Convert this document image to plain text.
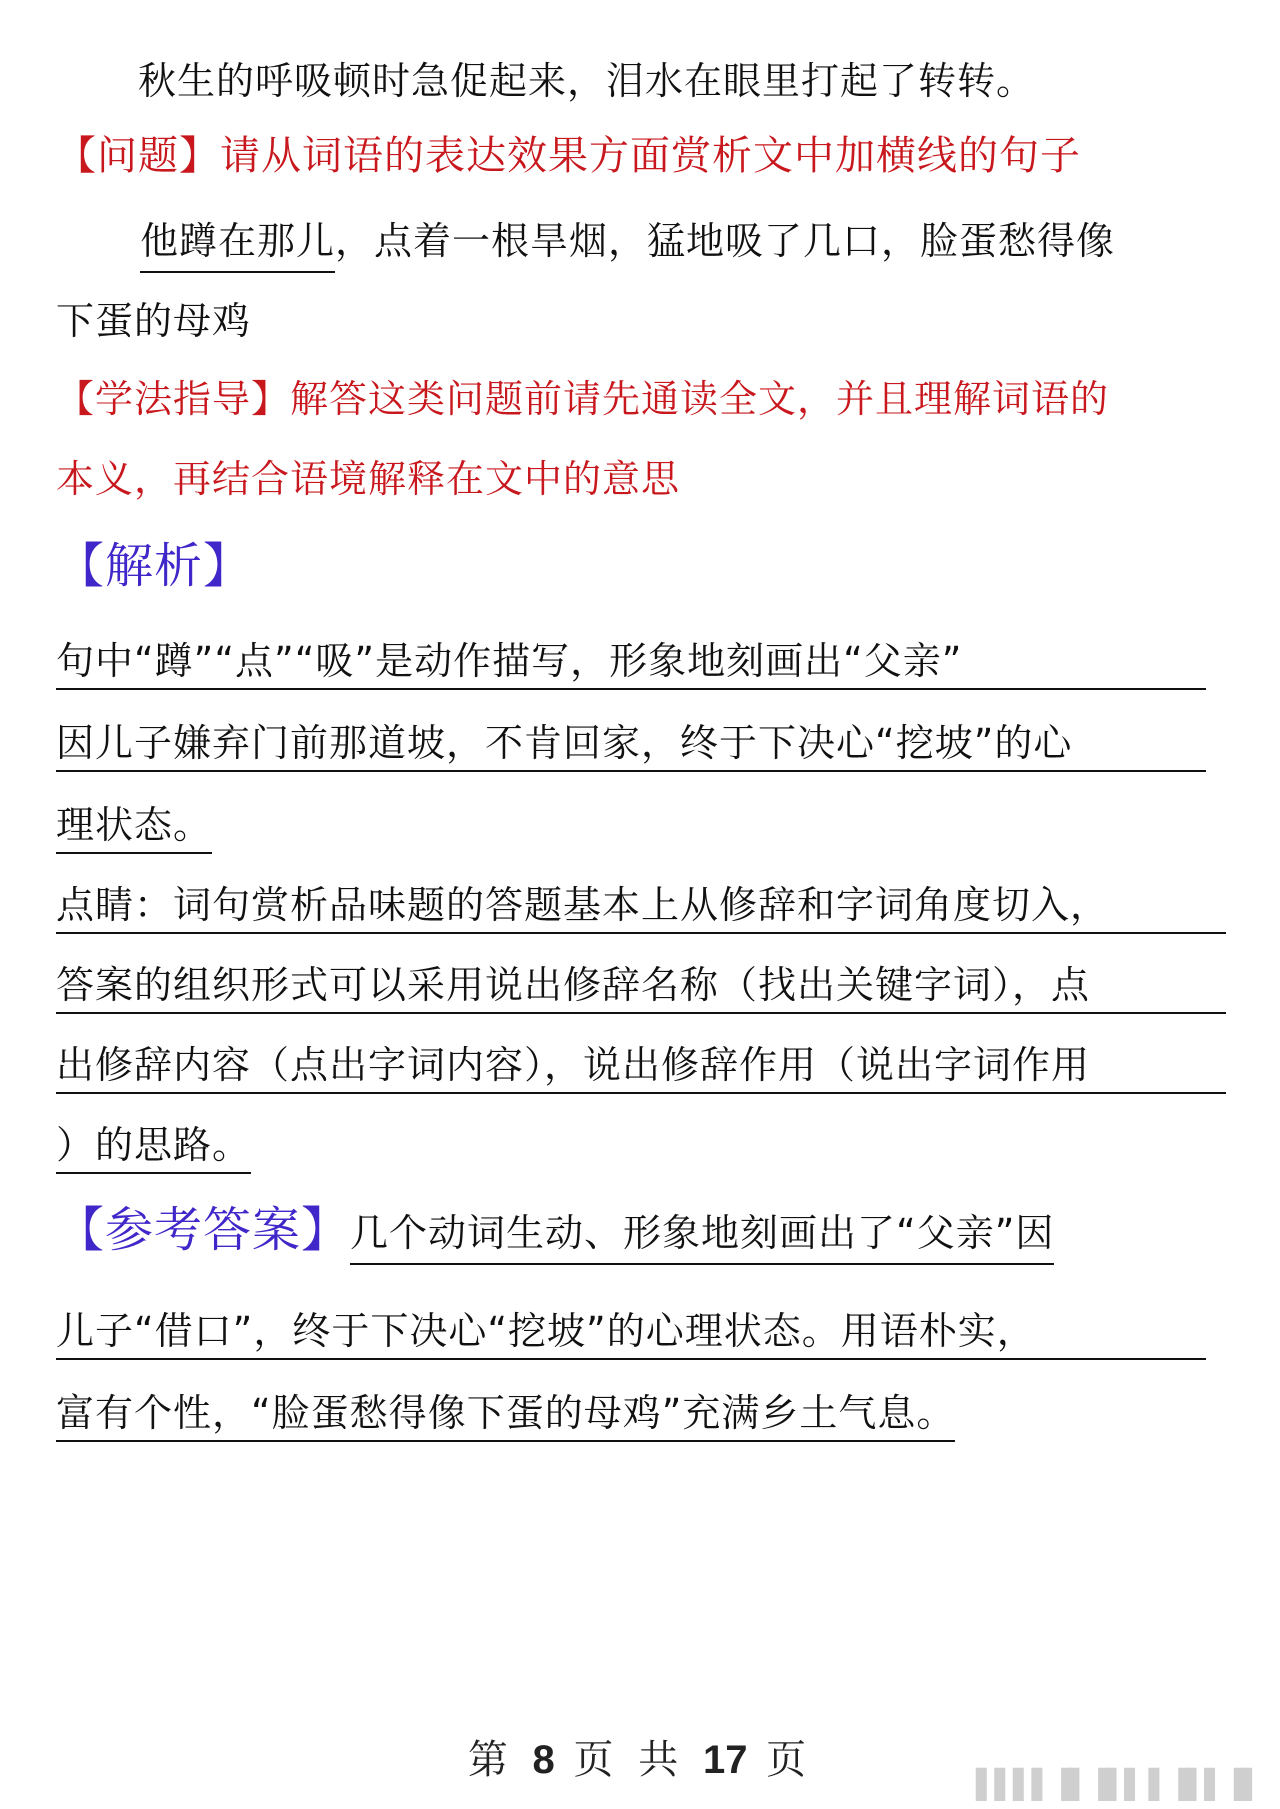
秋生的呼吸顿时急促起来，泪水在眼里打起了转转。
【问题】请从词语的表达效果方面赏析文中加横线的句子
他蹲在那儿，点着一根旱烟，猛地吸了几口，脸蛋愁得像
下蛋的母鸡
【学法指导】解答这类问题前请先通读全文，并且理解词语的
本义，再结合语境解释在文中的意思
【解析】
句中“蹲”“点”“吸”是动作描写，形象地刻画出“父亲”
因儿子嫌弃门前那道坡，不肯回家，终于下决心“挖坡”的心
理状态。
点睛：词句赏析品味题的答题基本上从修辞和字词角度切入，
答案的组织形式可以采用说出修辞名称（找出关键字词），点
出修辞内容（点出字词内容），说出修辞作用（说出字词作用
）的思路。
【参考答案】几个动词生动、形象地刻画出了“父亲”因
儿子“借口”，终于下决心“挖坡”的心理状态。用语朴实，
富有个性，“脸蛋愁得像下蛋的母鸡”充满乡土气息。
第 8 页 共 17 页
▌▌▌▌▐▌▐▌▌ ▌▐▌▌▐▌
